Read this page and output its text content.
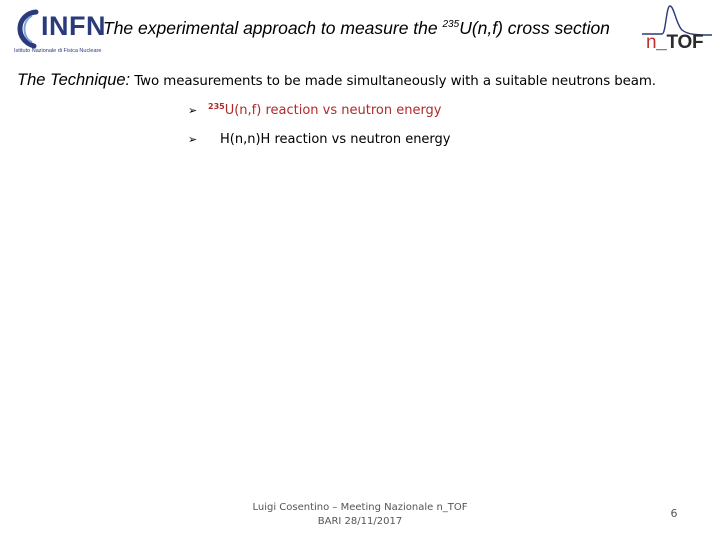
INFN
Istituto Nazionale di Fisica Nucleare
The experimental approach to measure the $^{235}$U(n,f) cross section
n_TOF
The Technique: Two measurements to be made simultaneously with a suitable neutrons beam.
➢ $^{235}$U(n,f) reaction vs neutron energy
➢ H(n,n)H reaction vs neutron energy
Luigi Cosentino – Meeting Nazionale n_TOF
BARI 28/11/2017
6
